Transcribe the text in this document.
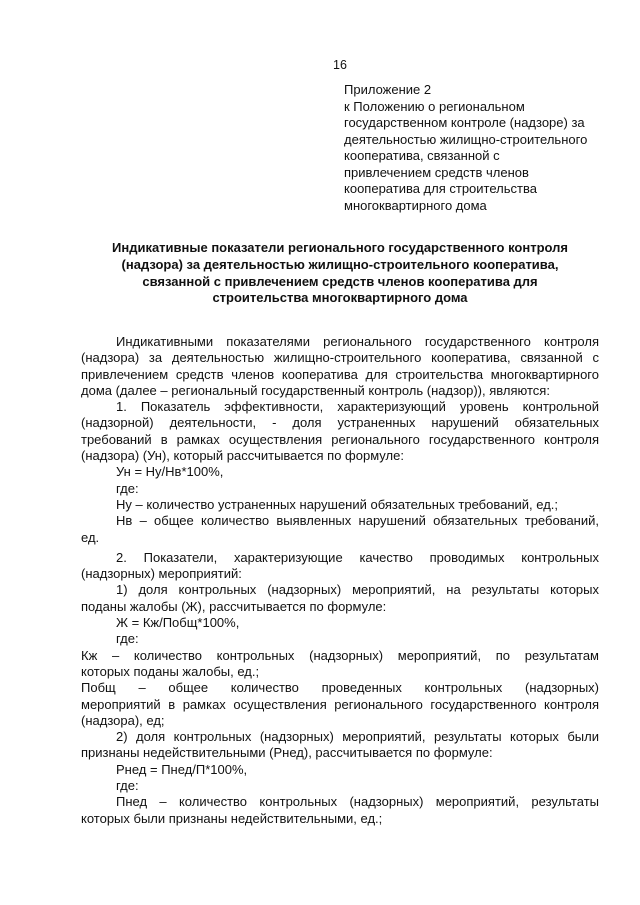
16
Приложение 2
к Положению о региональном
государственном контроле (надзоре) за
деятельностью жилищно-строительного
кооператива, связанной с
привлечением средств членов
кооператива для строительства
многоквартирного дома
Индикативные показатели регионального государственного контроля
(надзора) за деятельностью жилищно-строительного кооператива,
связанной с привлечением средств членов кооператива для
строительства многоквартирного дома
Индикативными показателями регионального государственного контроля
(надзора) за деятельностью жилищно-строительного кооператива, связанной с
привлечением средств членов кооператива для строительства многоквартирного
дома (далее – региональный государственный контроль (надзор)), являются:
1. Показатель эффективности, характеризующий уровень контрольной
(надзорной) деятельности, - доля устраненных нарушений обязательных
требований в рамках осуществления регионального государственного контроля
(надзора) (Ун), который рассчитывается по формуле:
Ун = Ну/Нв*100%,
где:
Ну – количество устраненных нарушений обязательных требований, ед.;
Нв – общее количество выявленных нарушений обязательных требований,
ед.
2. Показатели, характеризующие качество проводимых контрольных
(надзорных) мероприятий:
1) доля контрольных (надзорных) мероприятий, на результаты которых
поданы жалобы (Ж), рассчитывается по формуле:
Ж = Кж/Побщ*100%,
где:
Кж – количество контрольных (надзорных) мероприятий, по результатам
которых поданы жалобы, ед.;
Побщ – общее количество проведенных контрольных (надзорных)
мероприятий в рамках осуществления регионального государственного контроля
(надзора), ед;
2) доля контрольных (надзорных) мероприятий, результаты которых были
признаны недействительными (Рнед), рассчитывается по формуле:
Рнед = Пнед/П*100%,
где:
Пнед – количество контрольных (надзорных) мероприятий, результаты
которых были признаны недействительными, ед.;
